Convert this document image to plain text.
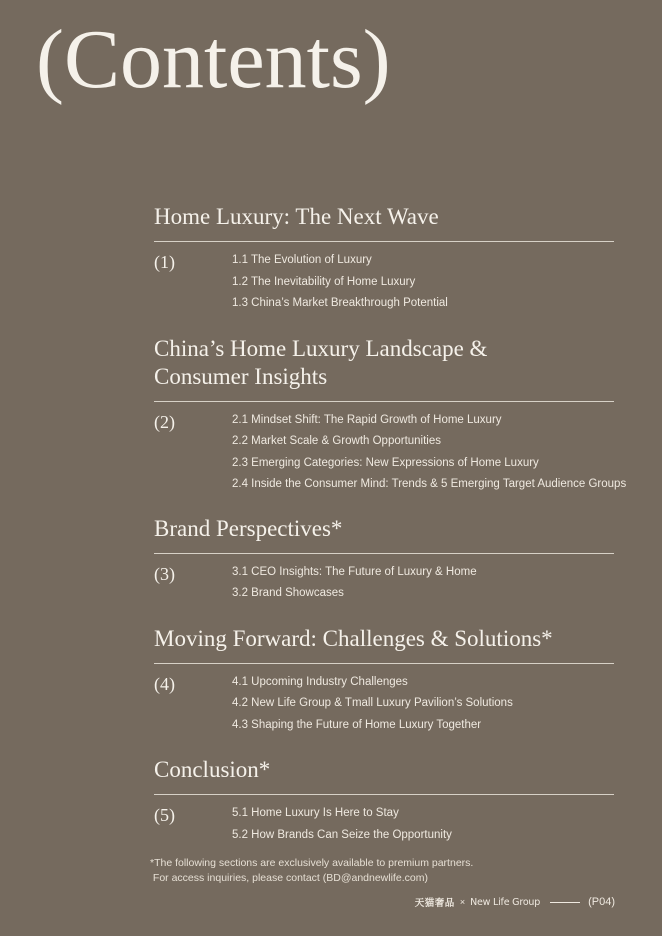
(Contents)
Home Luxury: The Next Wave
(1)	1.1 The Evolution of Luxury
1.2 The Inevitability of Home Luxury
1.3 China’s Market Breakthrough Potential
China’s Home Luxury Landscape &
Consumer Insights
(2)	2.1 Mindset Shift: The Rapid Growth of Home Luxury
2.2 Market Scale & Growth Opportunities
2.3 Emerging Categories: New Expressions of Home Luxury
2.4 Inside the Consumer Mind: Trends & 5 Emerging Target Audience Groups
Brand Perspectives*
(3)	3.1 CEO Insights: The Future of Luxury & Home
3.2 Brand Showcases
Moving Forward: Challenges & Solutions*
(4)	4.1 Upcoming Industry Challenges
4.2 New Life Group & Tmall Luxury Pavilion’s Solutions
4.3 Shaping the Future of Home Luxury Together
Conclusion*
(5)	5.1 Home Luxury Is Here to Stay
5.2 How Brands Can Seize the Opportunity
*The following sections are exclusively available to premium partners.
For access inquiries, please contact (BD@andnewlife.com)
天猫奢品 × New Life Group	(P04)
